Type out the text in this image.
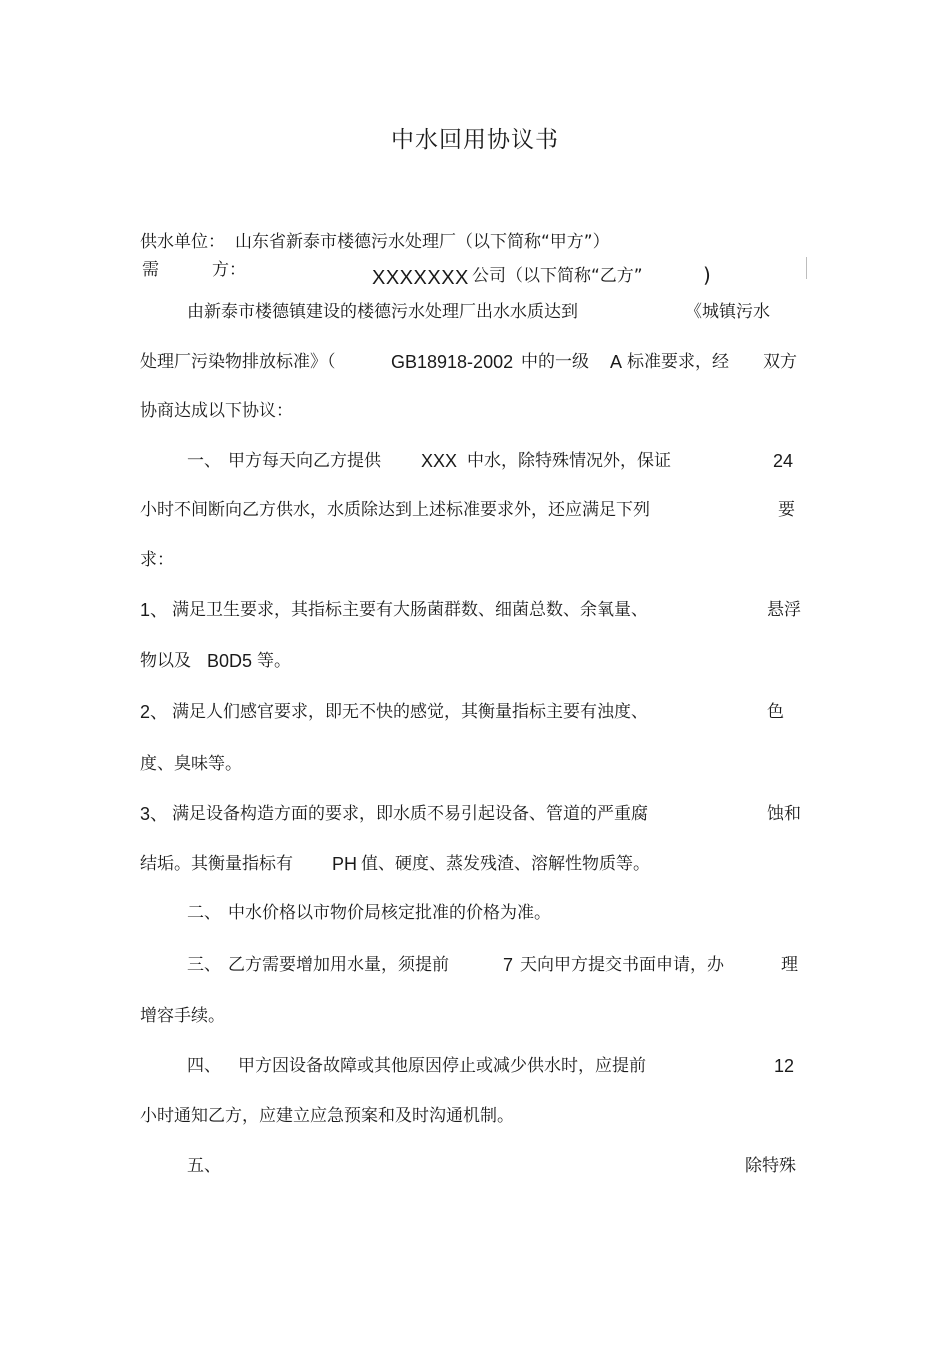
中水回用协议书
供水单位： 山东省新泰市楼德污水处理厂（以下简称“甲方”）
需	方：	XXXXXXX 公司（以下简称“乙方”	)
由新泰市楼德镇建设的楼德污水处理厂出水水质达到	《城镇污水
处理厂污染物排放标准》（	GB18918-2002 中的一级 A 标准要求，经 双方
协商达成以下协议：
一、 甲方每天向乙方提供 XXX 中水，除特殊情况外，保证	24
小时不间断向乙方供水，水质除达到上述标准要求外，还应满足下列	要
求：
1、 满足卫生要求，其指标主要有大肠菌群数、细菌总数、余氧量、	悬浮
物以及 B0D5 等。
2、 满足人们感官要求，即无不快的感觉，其衡量指标主要有浊度、	色
度、臭味等。
3、 满足设备构造方面的要求，即水质不易引起设备、管道的严重腐	蚀和
结垢。其衡量指标有 PH 值、硬度、蒸发残渣、溶解性物质等。
二、 中水价格以市物价局核定批准的价格为准。
三、 乙方需要增加用水量，须提前	7 天向甲方提交书面申请，办	理
增容手续。
四、 甲方因设备故障或其他原因停止或减少供水时，应提前	12
小时通知乙方，应建立应急预案和及时沟通机制。
五、	除特殊
